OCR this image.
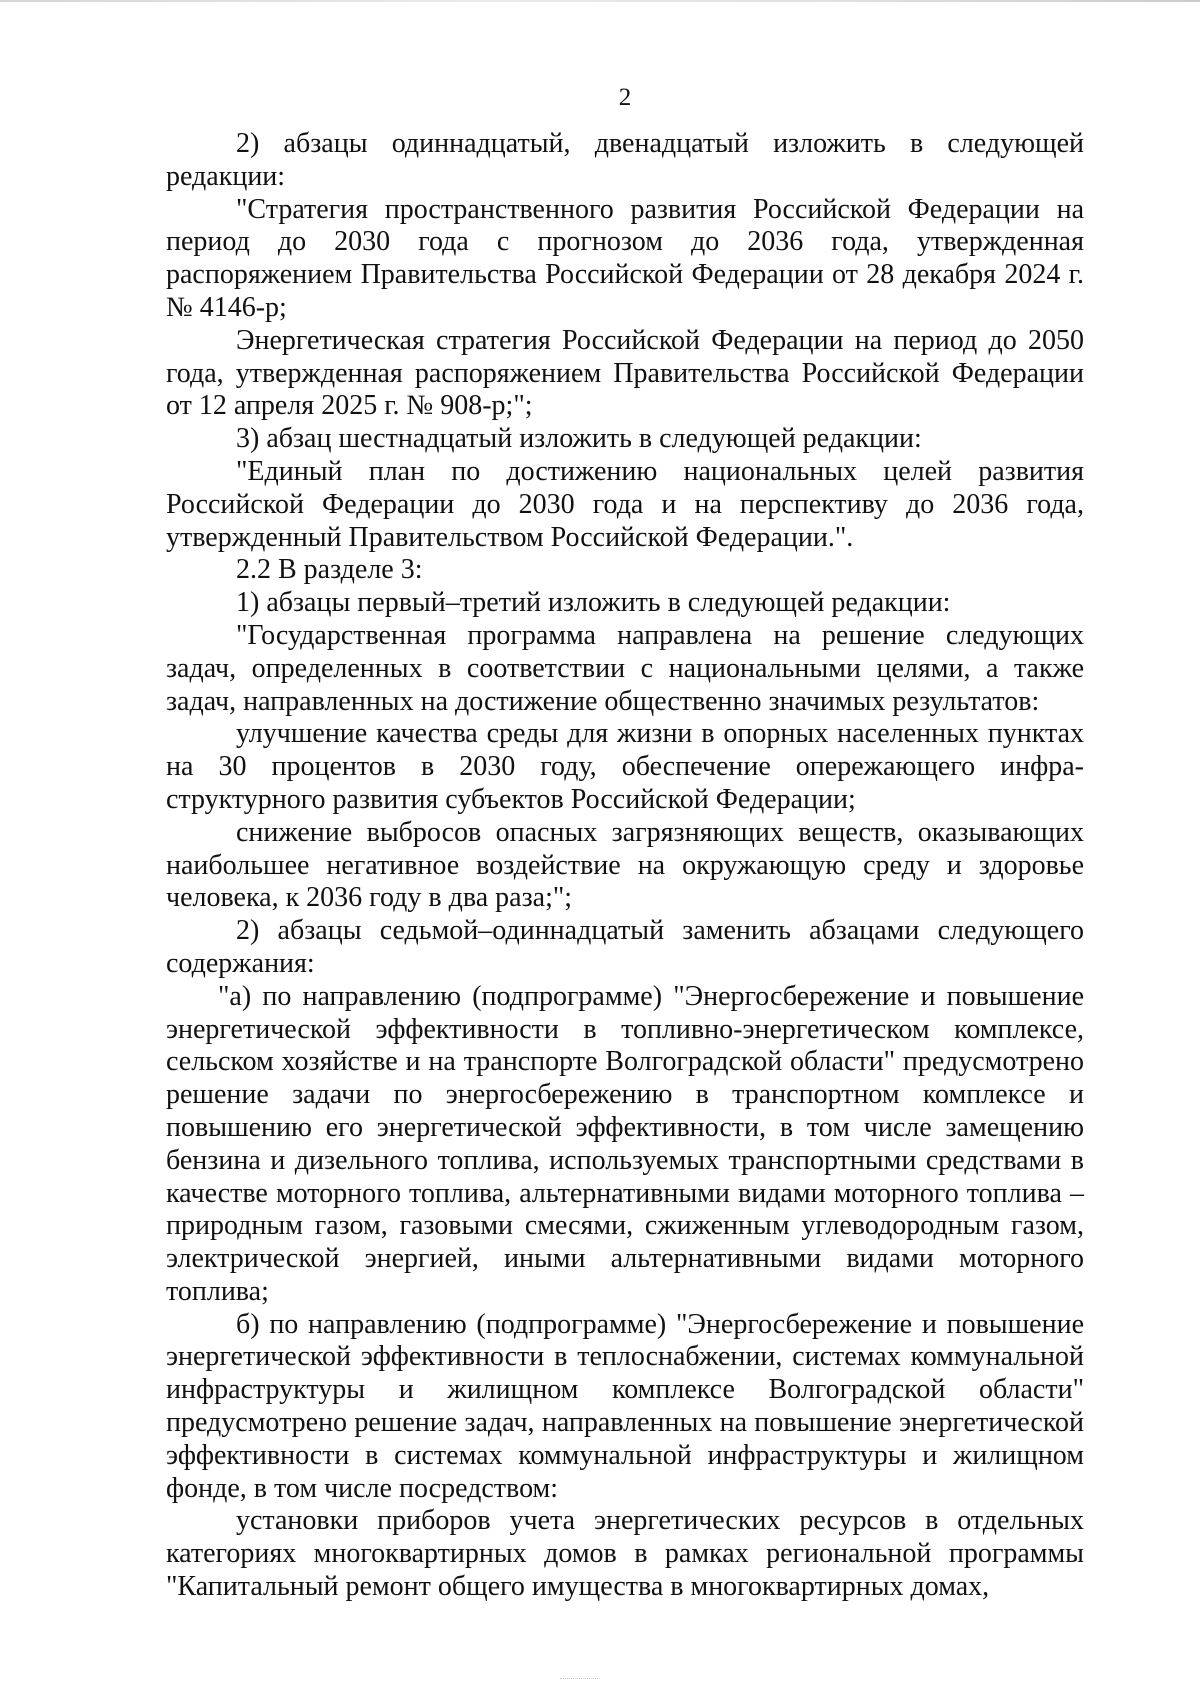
2

2) абзацы одиннадцатый, двенадцатый изложить в следующей редакции:

"Стратегия пространственного развития Российской Федерации на период до 2030 года с прогнозом до 2036 года, утвержденная распоряжением Правительства Российской Федерации от 28 декабря 2024 г. № 4146-р;

Энергетическая стратегия Российской Федерации на период до 2050 года, утвержденная распоряжением Правительства Российской Федерации от 12 апреля 2025 г. № 908-р;";

3) абзац шестнадцатый изложить в следующей редакции:

"Единый план по достижению национальных целей развития Российской Федерации до 2030 года и на перспективу до 2036 года, утвержденный Правительством Российской Федерации.".

2.2 В разделе 3:

1) абзацы первый–третий изложить в следующей редакции:

"Государственная программа направлена на решение следующих задач, определенных в соответствии с национальными целями, а также задач, направленных на достижение общественно значимых результатов:

улучшение качества среды для жизни в опорных населенных пунктах на 30 процентов в 2030 году, обеспечение опережающего инфра-структурного развития субъектов Российской Федерации;

снижение выбросов опасных загрязняющих веществ, оказывающих наибольшее негативное воздействие на окружающую среду и здоровье человека, к 2036 году в два раза;";

2) абзацы седьмой–одиннадцатый заменить абзацами следующего содержания:

"а) по направлению (подпрограмме) "Энергосбережение и повышение энергетической эффективности в топливно-энергетическом комплексе, сельском хозяйстве и на транспорте Волгоградской области" предусмотрено решение задачи по энергосбережению в транспортном комплексе и повышению его энергетической эффективности, в том числе замещению бензина и дизельного топлива, используемых транспортными средствами в качестве моторного топлива, альтернативными видами моторного топлива – природным газом, газовыми смесями, сжиженным углеводородным газом, электрической энергией, иными альтернативными видами моторного топлива;

б) по направлению (подпрограмме) "Энергосбережение и повышение энергетической эффективности в теплоснабжении, системах коммунальной инфраструктуры и жилищном комплексе Волгоградской области" предусмотрено решение задач, направленных на повышение энергетической эффективности в системах коммунальной инфраструктуры и жилищном фонде, в том числе посредством:

установки приборов учета энергетических ресурсов в отдельных категориях многоквартирных домов в рамках региональной программы "Капитальный ремонт общего имущества в многоквартирных домах,
